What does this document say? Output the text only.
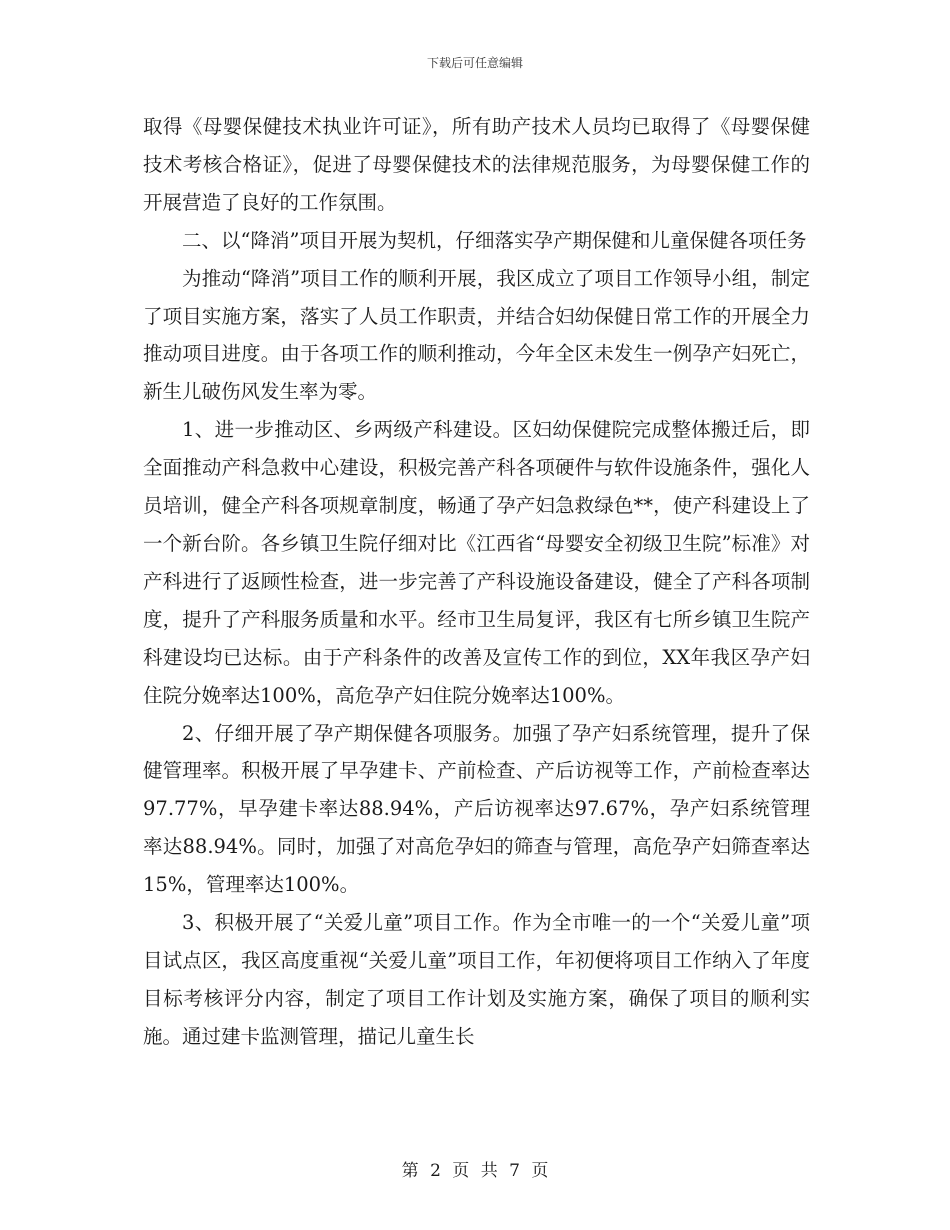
下载后可任意编辑

取得《母婴保健技术执业许可证》，所有助产技术人员均已取得了《母婴保健技术考核合格证》，促进了母婴保健技术的法律规范服务，为母婴保健工作的开展营造了良好的工作氛围。

二、以“降消”项目开展为契机，仔细落实孕产期保健和儿童保健各项任务

为推动“降消”项目工作的顺利开展，我区成立了项目工作领导小组，制定了项目实施方案，落实了人员工作职责，并结合妇幼保健日常工作的开展全力推动项目进度。由于各项工作的顺利推动，今年全区未发生一例孕产妇死亡，新生儿破伤风发生率为零。

1、进一步推动区、乡两级产科建设。区妇幼保健院完成整体搬迁后，即全面推动产科急救中心建设，积极完善产科各项硬件与软件设施条件，强化人员培训，健全产科各项规章制度，畅通了孕产妇急救绿色**，使产科建设上了一个新台阶。各乡镇卫生院仔细对比《江西省“母婴安全初级卫生院”标准》对产科进行了返顾性检查，进一步完善了产科设施设备建设，健全了产科各项制度，提升了产科服务质量和水平。经市卫生局复评，我区有七所乡镇卫生院产科建设均已达标。由于产科条件的改善及宣传工作的到位，XX年我区孕产妇住院分娩率达100%，高危孕产妇住院分娩率达100%。

2、仔细开展了孕产期保健各项服务。加强了孕产妇系统管理，提升了保健管理率。积极开展了早孕建卡、产前检查、产后访视等工作，产前检查率达97.77%，早孕建卡率达88.94%，产后访视率达97.67%，孕产妇系统管理率达88.94%。同时，加强了对高危孕妇的筛查与管理，高危孕产妇筛查率达15%，管理率达100%。

3、积极开展了“关爱儿童”项目工作。作为全市唯一的一个“关爱儿童”项目试点区，我区高度重视“关爱儿童”项目工作，年初便将项目工作纳入了年度目标考核评分内容，制定了项目工作计划及实施方案，确保了项目的顺利实施。通过建卡监测管理，描记儿童生长

第 2 页 共 7 页
